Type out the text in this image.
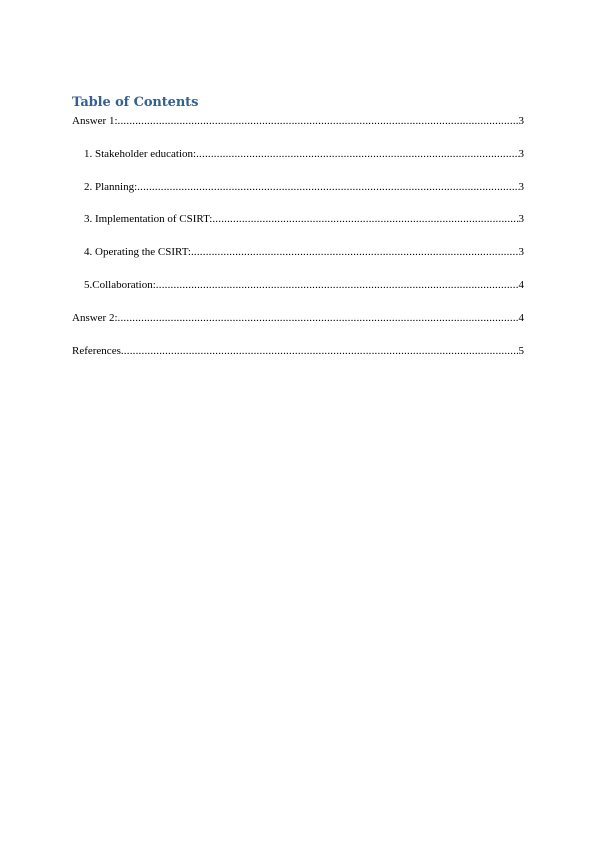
Table of Contents
Answer 1: .....	3
1. Stakeholder education: .....	3
2. Planning: .....	3
3. Implementation of CSIRT: .....	3
4. Operating the CSIRT: .....	3
5.Collaboration: .....	4
Answer 2: .....	4
References .....	5
